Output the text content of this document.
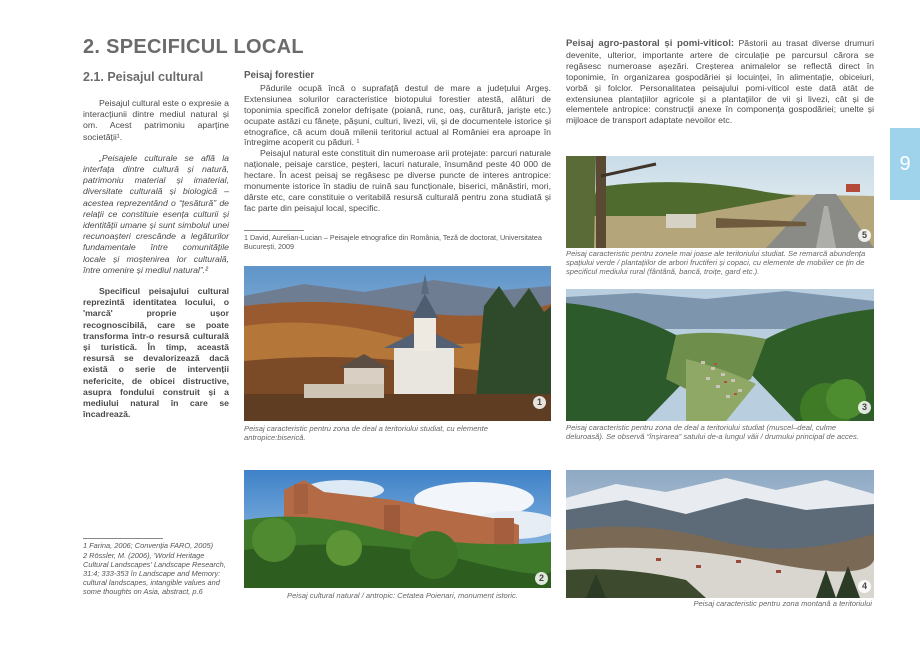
2. SPECIFICUL LOCAL
2.1. Peisajul cultural

Peisajul cultural este o expresie a interacțiunii dintre mediul natural și om. Acest patrimoniu aparține societății¹.

„Peisajele culturale se află la interfața dintre cultură și natură, patrimoniu material și imaterial, diversitate culturală și biologică – acestea reprezentând o “țesătură” de relații ce constituie esența culturii și identității umane și sunt simbolul unei recunoașteri crescânde a legăturilor fundamentale între comunitățile locale și moștenirea lor culturală, între omenire și mediul natural”.²

Specificul peisajului cultural reprezintă identitatea locului, o 'marcă' proprie ușor recognoscibilă, care se poate transforma într-o resursă culturală și turistică. În timp, această resursă se devalorizează dacă există o serie de intervenții nefericite, de obicei distructive, asupra fondului construit și a mediului natural în care se încadrează.

1 Farina, 2006; Convenția FARO, 2005)

2 Rössler, M. (2006), 'World Heritage Cultural Landscapes' Landscape Research, 31:4; 333-353 în Landscape and Memory: cultural landscapes, intangible values and some thoughts on Asia, abstract, p.6

Peisaj forestier

Pădurile ocupă încă o suprafață destul de mare a județului Argeș. Extensiunea solurilor caracteristice biotopului forestier atestă, alături de toponimia specifică zonelor defrișate (poiană, runc, oaș, curătură, jariște etc.) ocupate astăzi cu fânețe, pășuni, culturi, livezi, vii, și de documentele istorice și etnografice, că acum două milenii teritoriul actual al României era aproape în întregime acoperit cu păduri. ¹

Peisajul natural este constituit din numeroase arii protejate: parcuri naturale naționale, peisaje carstice, peșteri, lacuri naturale, însumând peste 40 000 de hectare. În acest peisaj se regăsesc pe diverse puncte de interes antropice: monumente istorice în stadiu de ruină sau funcționale, biserici, mănăstiri, mori, dârste etc, care constituie o veritabilă resursă culturală pentru zona studiată și fac parte din peisajul local, specific.

1 David, Aurelian-Lucian – Peisajele etnografice din România, Teză de doctorat, Universitatea București, 2009
Peisaj agro-pastoral și pomi-viticol: Păstorii au trasat diverse drumuri devenite, ulterior, importante artere de circulație pe parcursul cărora se regăsesc numeroase așezări. Creșterea animalelor se reflectă direct în toponimie, în organizarea gospodăriei și locuinței, în alimentație, obiceiuri, vorbă și folclor. Personalitatea peisajului pomi-viticol este dată atât de extensiunea plantațiilor agricole și a plantațiilor de vii și livezi, cât și de elementele antropice: construcții anexe în componența gospodăriei; unelte și mijloace de transport adaptate nevoilor etc.
1
Peisaj caracteristic pentru zona de deal a teritoriului studiat, cu elemente antropice:biserică.
2
Peisaj cultural natural / antropic: Cetatea Poienari, monument istoric.
5
Peisaj caracteristic pentru zonele mai joase ale teritoriului studiat. Se remarcă abundența spațiului verde / plantațiilor de arbori fructiferi și copaci, cu elemente de mobilier ce țin de specificul mediului rural (fântână, bancă, troițe, gard etc.).
3
Peisaj caracteristic pentru zona de deal a teritoriului studiat (muscel–deal, culme deluroasă). Se observă “înșirarea” satului de-a lungul văii / drumului principal de acces.
4
Peisaj caracteristic pentru zona montană a teritoriului
9
